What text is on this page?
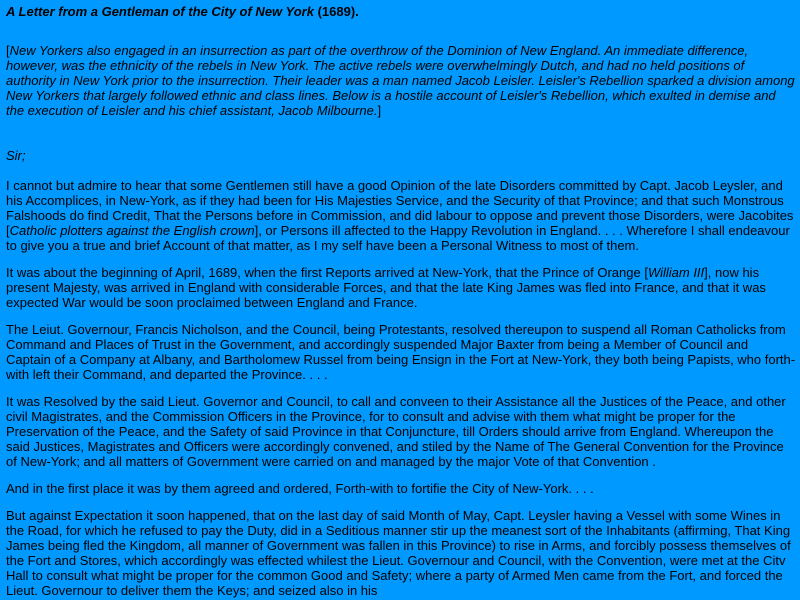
A Letter from a Gentleman of the City of New York (1689).
[New Yorkers also engaged in an insurrection as part of the overthrow of the Dominion of New England. An immediate difference, however, was the ethnicity of the rebels in New York. The active rebels were overwhelmingly Dutch, and had no held positions of authority in New York prior to the insurrection. Their leader was a man named Jacob Leisler. Leisler's Rebellion sparked a division among New Yorkers that largely followed ethnic and class lines. Below is a hostile account of Leisler's Rebellion, which exulted in demise and the execution of Leisler and his chief assistant, Jacob Milbourne.]
Sir;

I cannot but admire to hear that some Gentlemen still have a good Opinion of the late Disorders committed by Capt. Jacob Leysler, and his Accomplices, in New-York, as if they had been for His Majesties Service, and the Security of that Province; and that such Monstrous Falshoods do find Credit, That the Persons before in Commission, and did labour to oppose and prevent those Disorders, were Jacobites [Catholic plotters against the English crown], or Persons ill affected to the Happy Revolution in England. . . . Wherefore I shall endeavour to give you a true and brief Account of that matter, as I my self have been a Personal Witness to most of them.

It was about the beginning of April, 1689, when the first Reports arrived at New-York, that the Prince of Orange [William III], now his present Majesty, was arrived in England with considerable Forces, and that the late King James was fled into France, and that it was expected War would be soon proclaimed between England and France.

The Leiut. Governour, Francis Nicholson, and the Council, being Protestants, resolved thereupon to suspend all Roman Catholicks from Command and Places of Trust in the Government, and accordingly suspended Major Baxter from being a Member of Council and Captain of a Company at Albany, and Bartholomew Russel from being Ensign in the Fort at New-York, they both being Papists, who forth-with left their Command, and departed the Province. . . .

It was Resolved by the said Lieut. Governor and Council, to call and conveen to their Assistance all the Justices of the Peace, and other civil Magistrates, and the Commission Officers in the Province, for to consult and advise with them what might be proper for the Preservation of the Peace, and the Safety of said Province in that Conjuncture, till Orders should arrive from England. Whereupon the said Justices, Magistrates and Officers were accordingly convened, and stiled by the Name of The General Convention for the Province of New-York; and all matters of Government were carried on and managed by the major Vote of that Convention .

And in the first place it was by them agreed and ordered, Forth-with to fortifie the City of New-York. . . .

But against Expectation it soon happened, that on the last day of said Month of May, Capt. Leysler having a Vessel with some Wines in the Road, for which he refused to pay the Duty, did in a Seditious manner stir up the meanest sort of the Inhabitants (affirming, That King James being fled the Kingdom, all manner of Government was fallen in this Province) to rise in Arms, and forcibly possess themselves of the Fort and Stores, which accordingly was effected whilest the Lieut. Governour and Council, with the Convention, were met at the Citv Hall to consult what might be proper for the common Good and Safety; where a party of Armed Men came from the Fort, and forced the Lieut. Governour to deliver them the Keys; and seized also in his
